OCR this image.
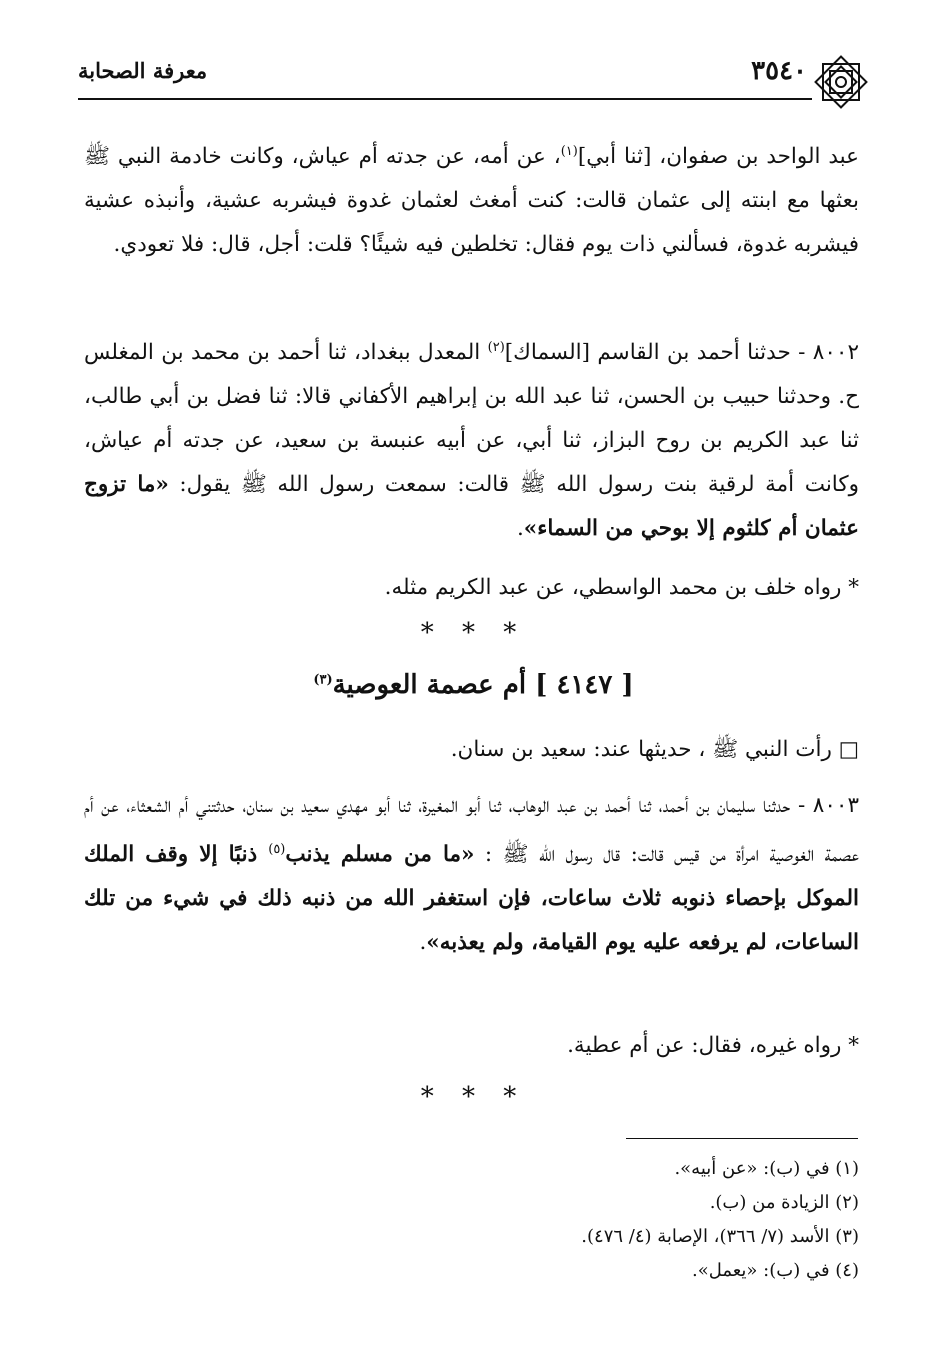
معرفة الصحابة	٣٥٤٠
عبد الواحد بن صفوان، [ثنا أبي]$^{(١)}$، عن أمه، عن جدته أم عياش، وكانت خادمة النبي ﷺ بعثها مع ابنته إلى عثمان قالت: كنت أمغث لعثمان غدوة فيشربه عشية، وأنبذه عشية فيشربه غدوة، فسألني ذات يوم فقال: تخلطين فيه شيئًا؟ قلت: أجل، قال: فلا تعودي.
٨٠٠٢ - حدثنا أحمد بن القاسم [السماك]$^{(٢)}$ المعدل ببغداد، ثنا أحمد بن محمد بن المغلس ح. وحدثنا حبيب بن الحسن، ثنا عبد الله بن إبراهيم الأكفاني قالا: ثنا فضل بن أبي طالب، ثنا عبد الكريم بن روح البزاز، ثنا أبي، عن أبيه عنبسة بن سعيد، عن جدته أم عياش، وكانت أمة لرقية بنت رسول الله ﷺ قالت: سمعت رسول الله ﷺ يقول: «ما تزوج عثمان أم كلثوم إلا بوحي من السماء».
* رواه خلف بن محمد الواسطي، عن عبد الكريم مثله.
* * *
[ ٤١٤٧ ] أم عصمة العوصية$^{(٣)}$
□ رأت النبي ﷺ ، حديثها عند: سعيد بن سنان.
٨٠٠٣ - حدثنا سليمان بن أحمد، ثنا أحمد بن عبد الوهاب، ثنا أبو المغيرة، ثنا أبو مهدي سعيد بن سنان، حدثتني أم الشعثاء، عن أم عصمة الغوصية امرأة من قيس قالت: قال رسول الله ﷺ : «ما من مسلم يذنب$^{(٥)}$ ذنبًا إلا وقف الملك الموكل بإحصاء ذنوبه ثلاث ساعات، فإن استغفر الله من ذنبه ذلك في شيء من تلك الساعات، لم يرفعه عليه يوم القيامة، ولم يعذبه».
* رواه غيره، فقال: عن أم عطية.
* * *
(١) في (ب): «عن أبيه».
(٢) الزيادة من (ب).
(٣) الأسد (٧/ ٣٦٦)، الإصابة (٤/ ٤٧٦).
(٤) في (ب): «يعمل».
